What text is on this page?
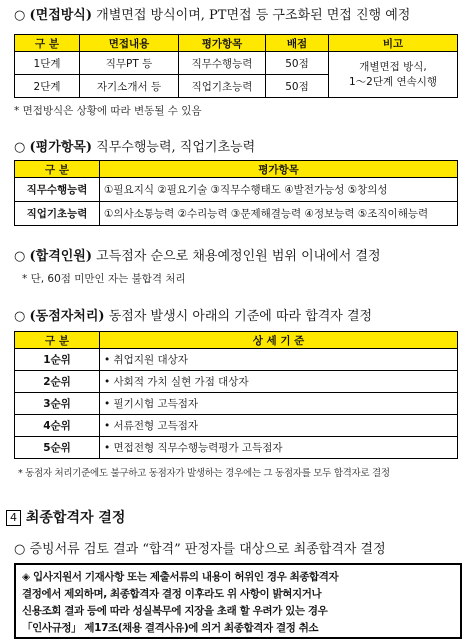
○ (면접방식) 개별면접 방식이며, PT면접 등 구조화된 면접 진행 예정
구 분	면접내용	평가항목	배점	비고
1단계	직무PT 등	직무수행능력	50점	개별면접 방식,
1～2단계 연속시행

2단계	자기소개서 등	직업기초능력	50점	
* 면접방식은 상황에 따라 변동될 수 있음
○ (평가항목) 직무수행능력, 직업기초능력
구 분	평가항목
직무수행능력	①필요지식 ②필요기술 ③직무수행태도 ④발전가능성 ⑤창의성
직업기초능력	①의사소통능력 ②수리능력 ③문제해결능력 ④정보능력 ⑤조직이해능력
○ (합격인원) 고득점자 순으로 채용예정인원 범위 이내에서 결정
* 단, 60점 미만인 자는 불합격 처리
○ (동점자처리) 동점자 발생시 아래의 기준에 따라 합격자 결정
구 분	상 세 기 준
1순위	• 취업지원 대상자
2순위	• 사회적 가치 실현 가점 대상자
3순위	• 필기시험 고득점자
4순위	• 서류전형 고득점자
5순위	• 면접전형 직무수행능력평가 고득점자
* 동점자 처리기준에도 불구하고 동점자가 발생하는 경우에는 그 동점자를 모두 합격자로 결정
4 최종합격자 결정
○ 증빙서류 검토 결과 “합격” 판정자를 대상으로 최종합격자 결정
◈ 입사지원서 기재사항 또는 제출서류의 내용이 허위인 경우 최종합격자
결정에서 제외하며, 최종합격자 결정 이후라도 위 사항이 밝혀지거나
신용조회 결과 등에 따라 성실복무에 지장을 초래 할 우려가 있는 경우
「인사규정」 제17조(채용 결격사유)에 의거 최종합격자 결정 취소
